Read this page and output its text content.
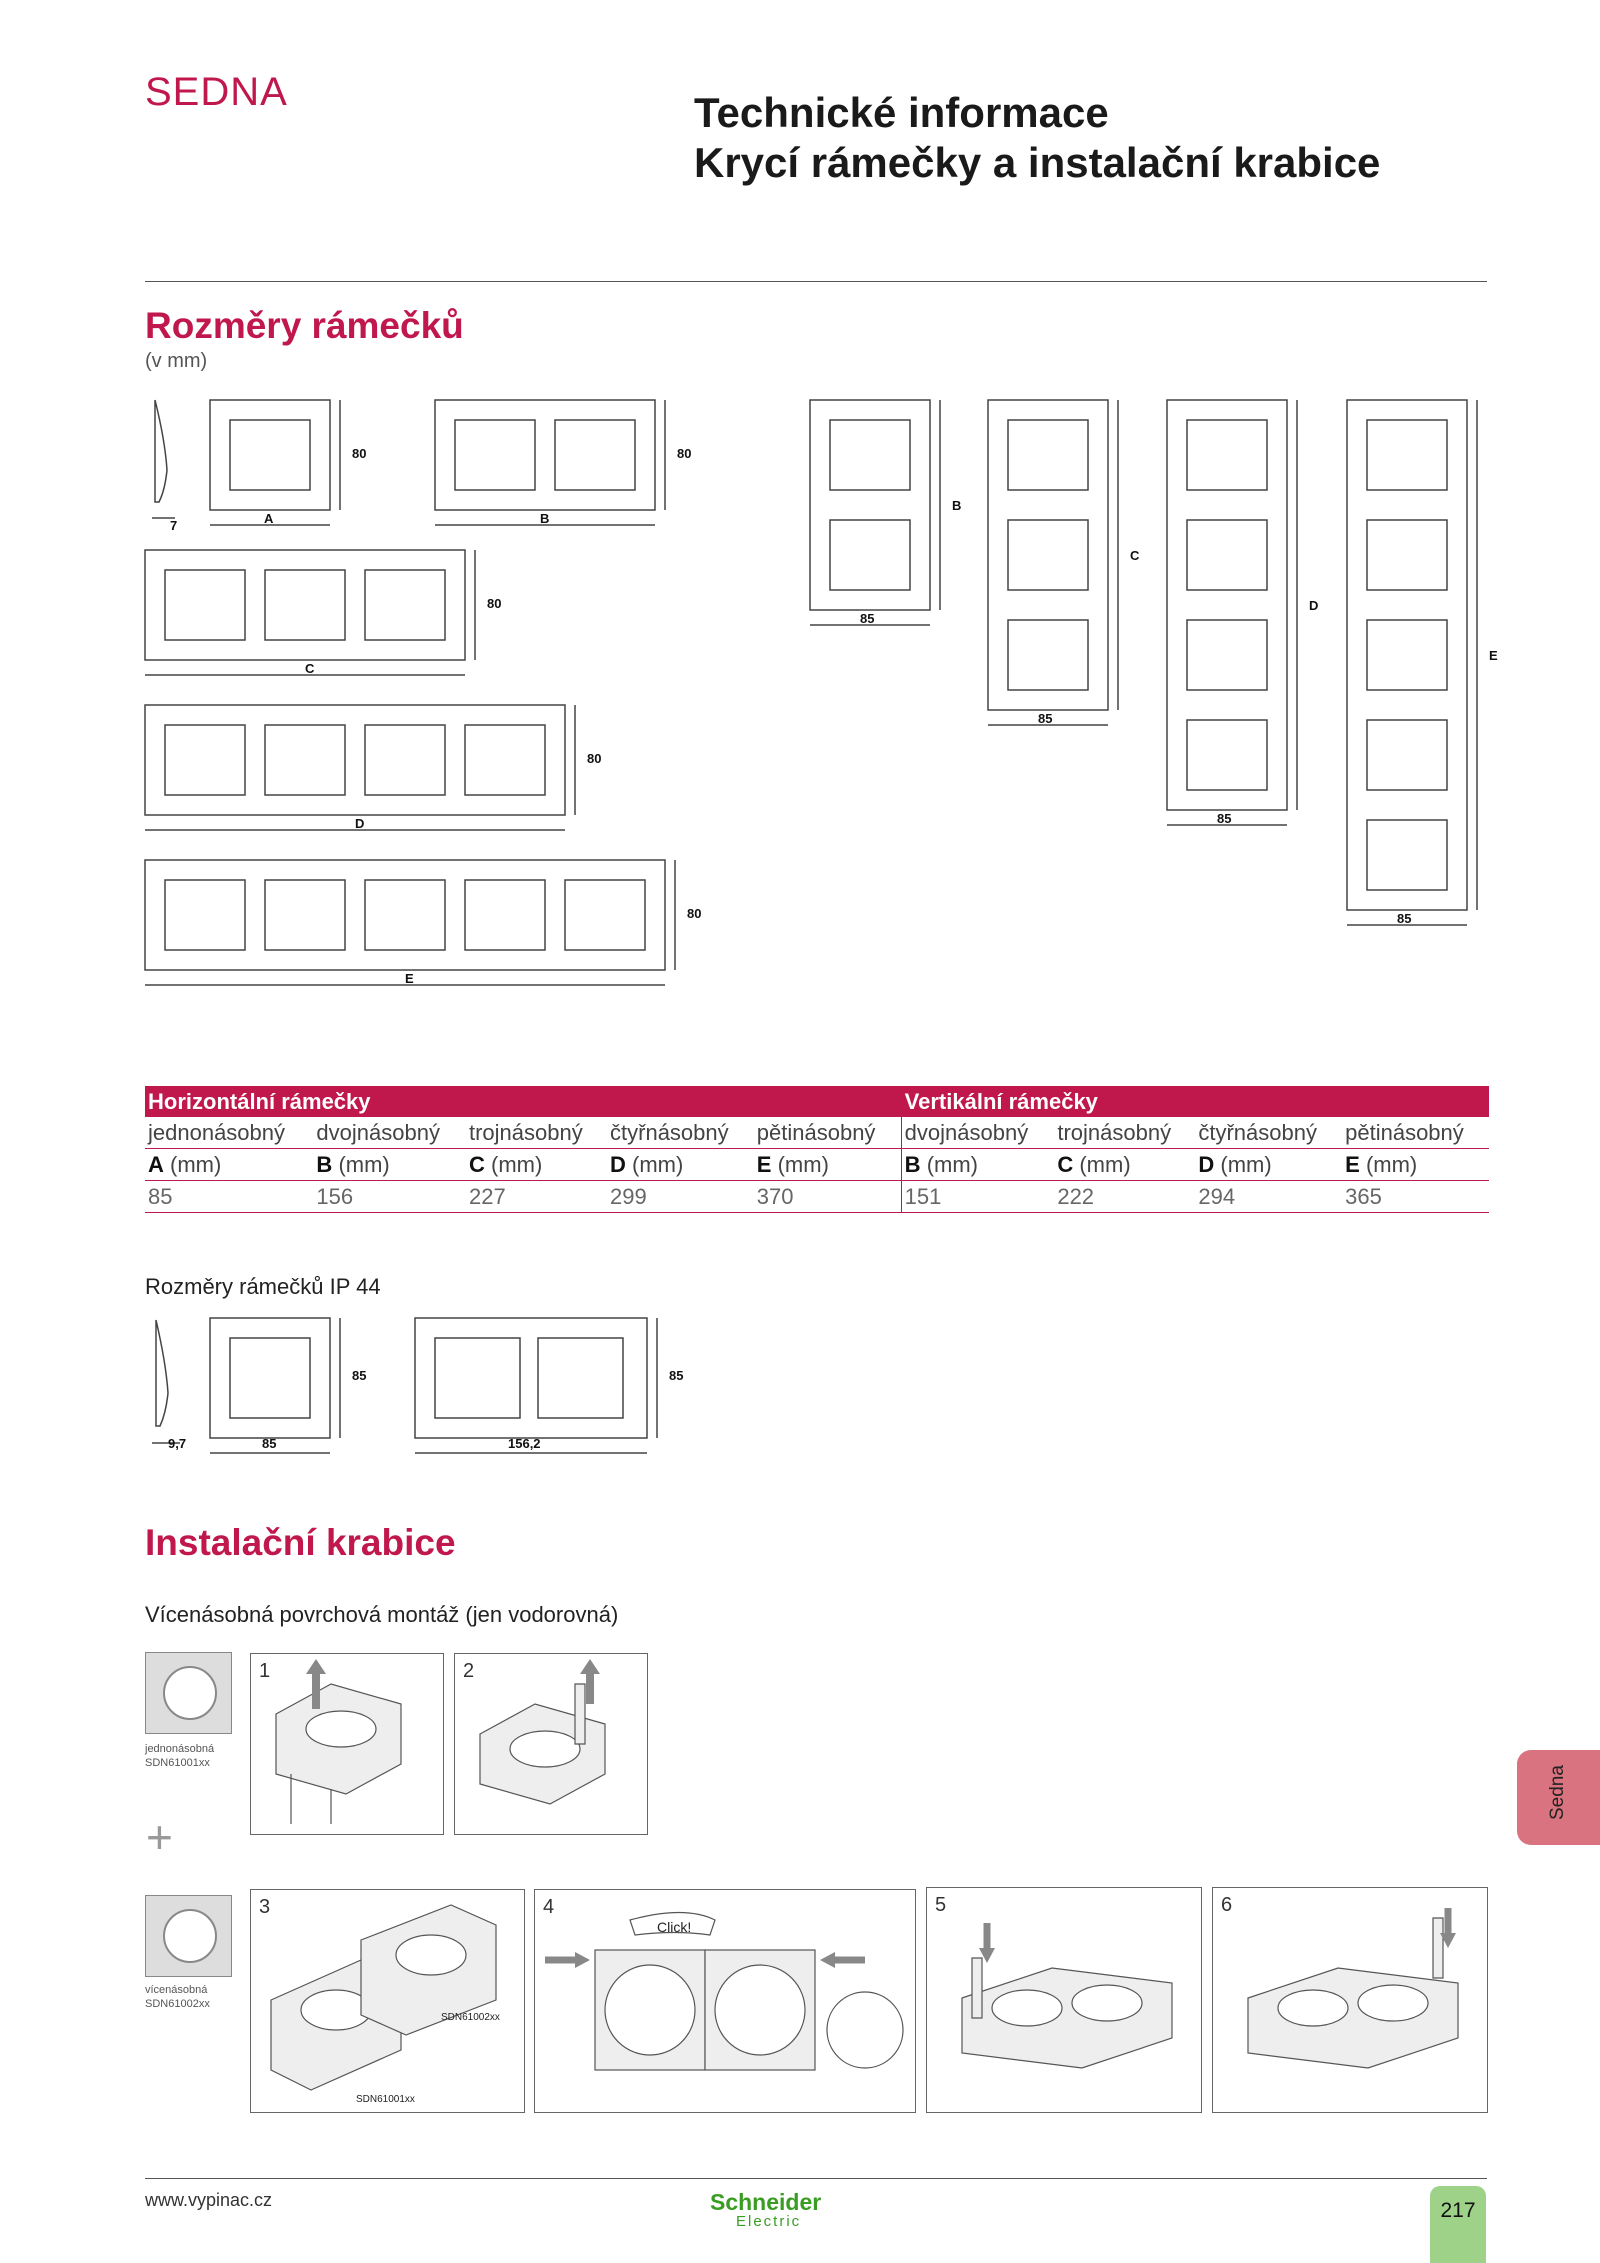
SEDNA	Technické informace
Krycí rámečky a instalační krabice
Rozměry rámečků
(v mm)
7
80
A
80
B
80
C
80
D
80
E
B
85
C
85
D
85
E
85
Horizontální rámečky					Vertikální rámečky			
jednonásobný	dvojnásobný	trojnásobný	čtyřnásobný	pětinásobný	dvojnásobný	trojnásobný	čtyřnásobný	pětinásobný
A (mm)	B (mm)	C (mm)	D (mm)	E (mm)	B (mm)	C (mm)	D (mm)	E (mm)
85	156	227	299	370	151	222	294	365
Rozměry rámečků IP 44
9,7
85
85
85
156,2
Instalační krabice
Vícenásobná povrchová montáž (jen vodorovná)
jednonásobná
SDN61001xx
+
vícenásobná
SDN61002xx
1	2
3
SDN61002xx
SDN61001xx
4
Click!
5	6
Sedna
www.vypinac.cz	Schneider
Electric	217
